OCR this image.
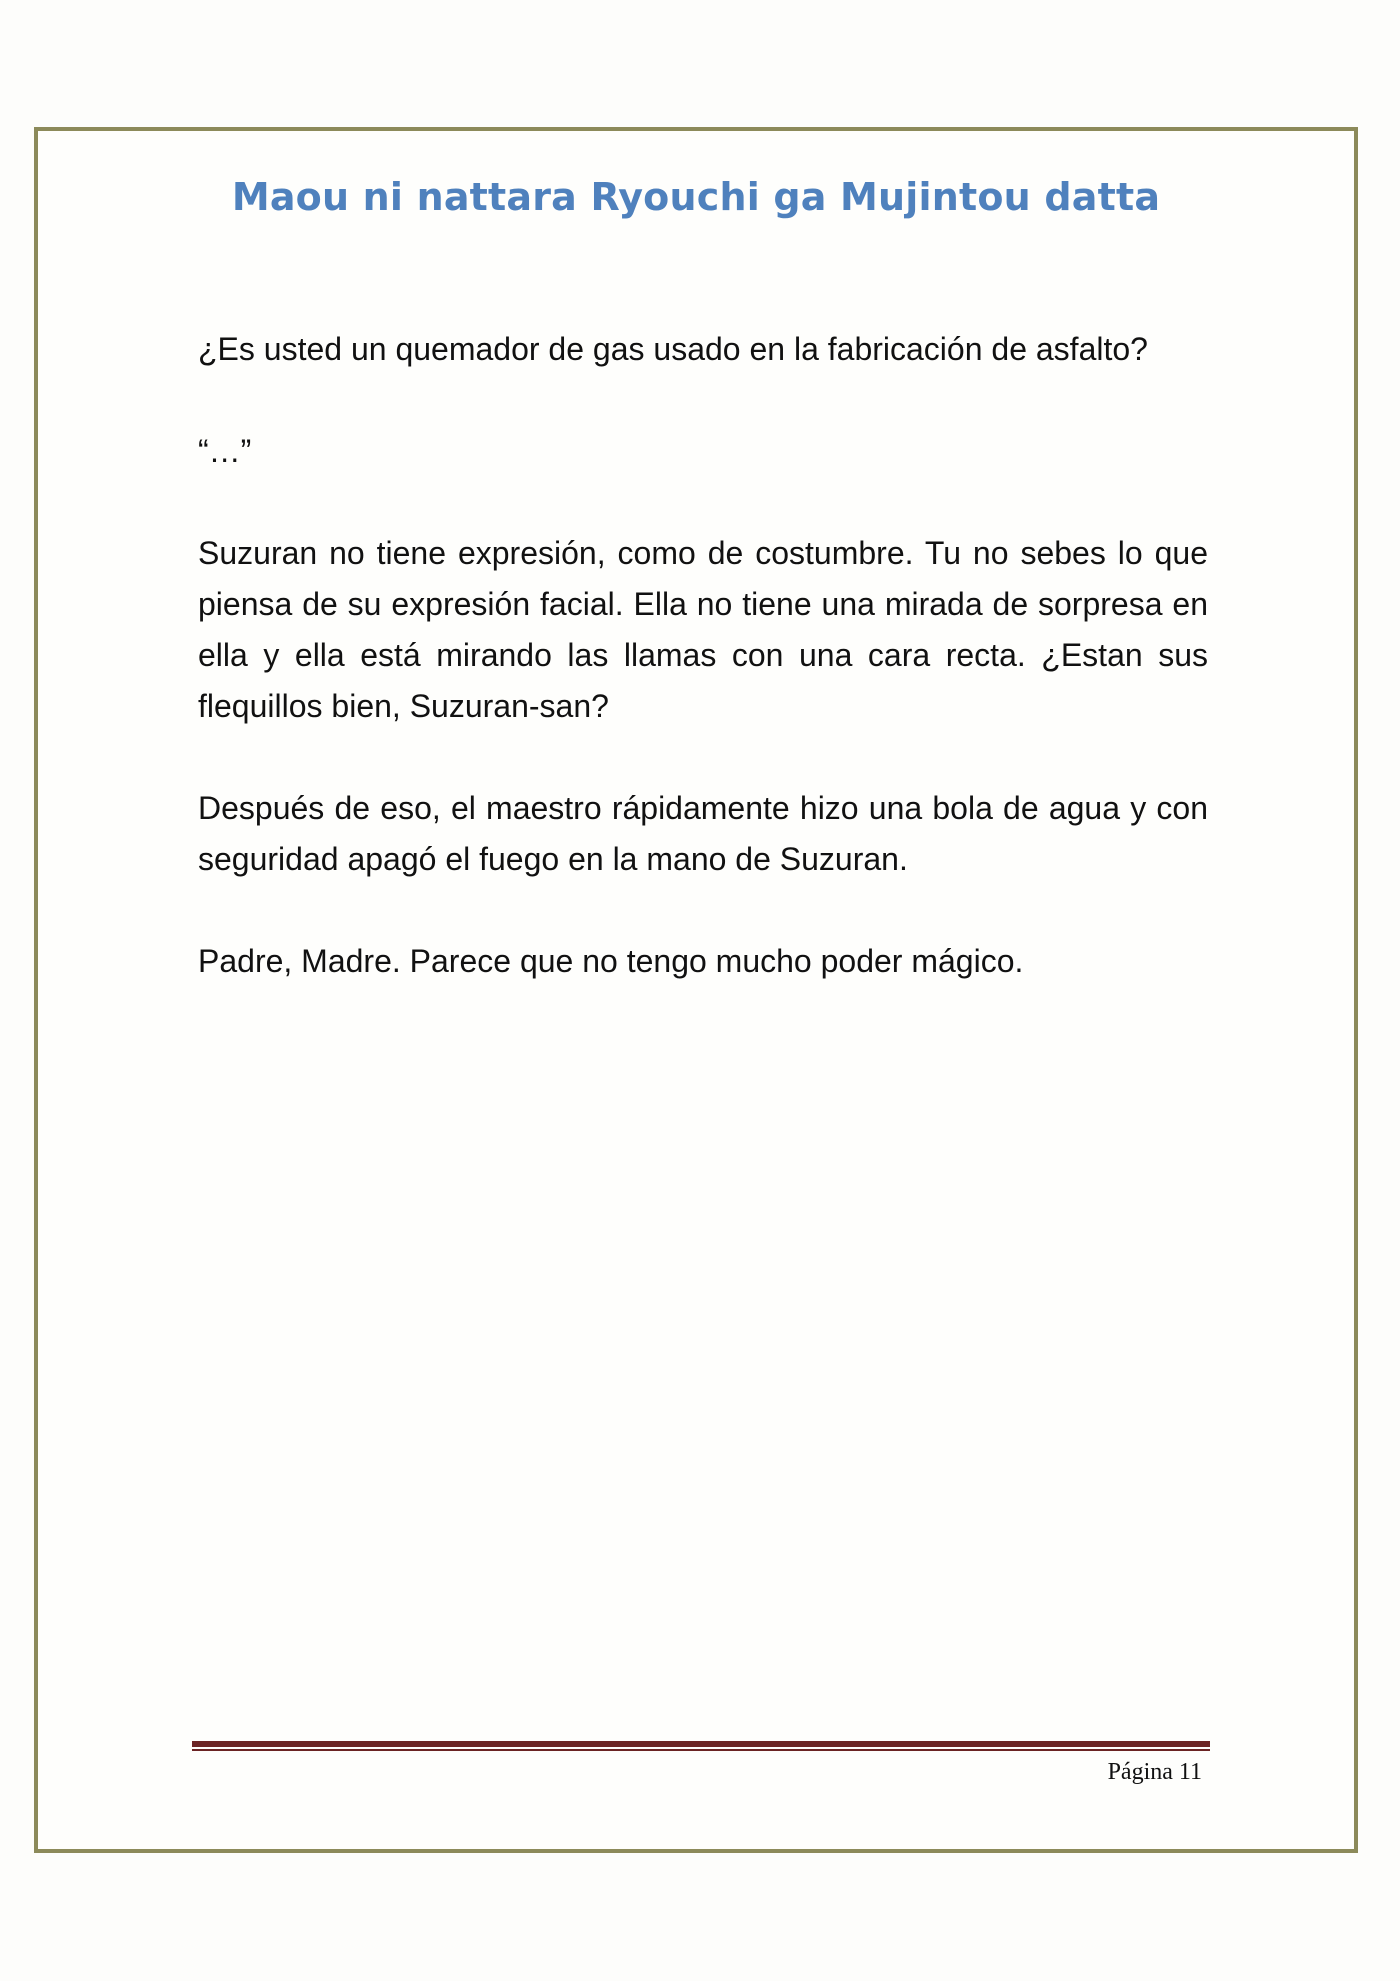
Maou ni nattara Ryouchi ga Mujintou datta

¿Es usted un quemador de gas usado en la fabricación de asfalto?

“…”

Suzuran no tiene expresión, como de costumbre. Tu no sebes lo que piensa de su expresión facial. Ella no tiene una mirada de sorpresa en ella y ella está mirando las llamas con una cara recta. ¿Estan sus flequillos bien, Suzuran-san?

Después de eso, el maestro rápidamente hizo una bola de agua y con seguridad apagó el fuego en la mano de Suzuran.

Padre, Madre. Parece que no tengo mucho poder mágico.

Página 11
